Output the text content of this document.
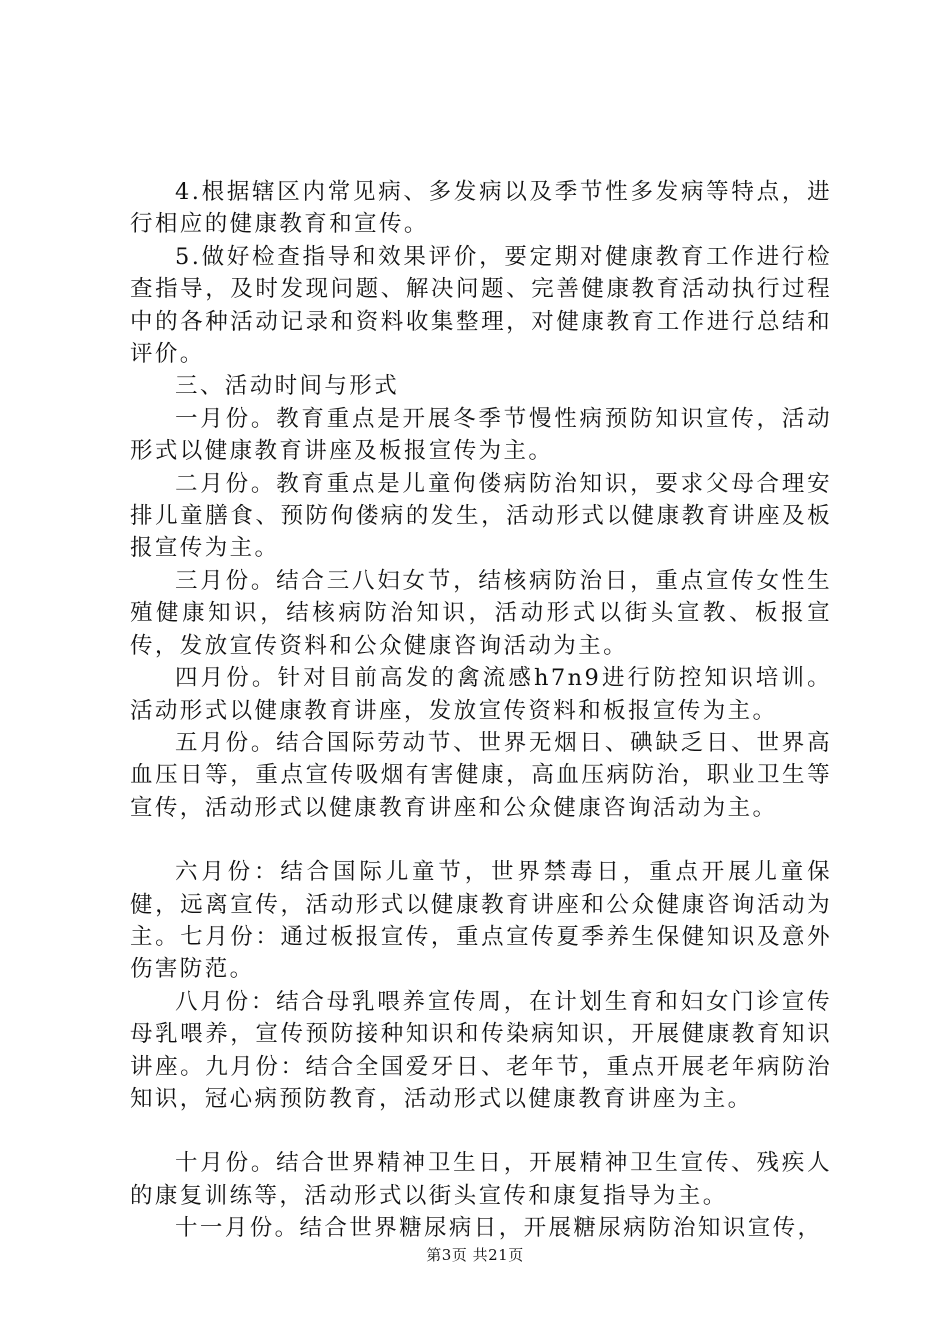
4.根据辖区内常见病、多发病以及季节性多发病等特点，进行相应的健康教育和宣传。

5.做好检查指导和效果评价，要定期对健康教育工作进行检查指导，及时发现问题、解决问题、完善健康教育活动执行过程中的各种活动记录和资料收集整理，对健康教育工作进行总结和评价。

三、活动时间与形式

一月份。教育重点是开展冬季节慢性病预防知识宣传，活动形式以健康教育讲座及板报宣传为主。

二月份。教育重点是儿童佝偻病防治知识，要求父母合理安排儿童膳食、预防佝偻病的发生，活动形式以健康教育讲座及板报宣传为主。

三月份。结合三八妇女节，结核病防治日，重点宣传女性生殖健康知识，结核病防治知识，活动形式以街头宣教、板报宣传，发放宣传资料和公众健康咨询活动为主。

四月份。针对目前高发的禽流感h7n9进行防控知识培训。活动形式以健康教育讲座，发放宣传资料和板报宣传为主。

五月份。结合国际劳动节、世界无烟日、碘缺乏日、世界高血压日等，重点宣传吸烟有害健康，高血压病防治，职业卫生等宣传，活动形式以健康教育讲座和公众健康咨询活动为主。

六月份：结合国际儿童节，世界禁毒日，重点开展儿童保健，远离宣传，活动形式以健康教育讲座和公众健康咨询活动为主。七月份：通过板报宣传，重点宣传夏季养生保健知识及意外伤害防范。

八月份：结合母乳喂养宣传周，在计划生育和妇女门诊宣传母乳喂养，宣传预防接种知识和传染病知识，开展健康教育知识讲座。九月份：结合全国爱牙日、老年节，重点开展老年病防治知识，冠心病预防教育，活动形式以健康教育讲座为主。

十月份。结合世界精神卫生日，开展精神卫生宣传、残疾人的康复训练等，活动形式以街头宣传和康复指导为主。

十一月份。结合世界糖尿病日，开展糖尿病防治知识宣传，

第3页 共21页
